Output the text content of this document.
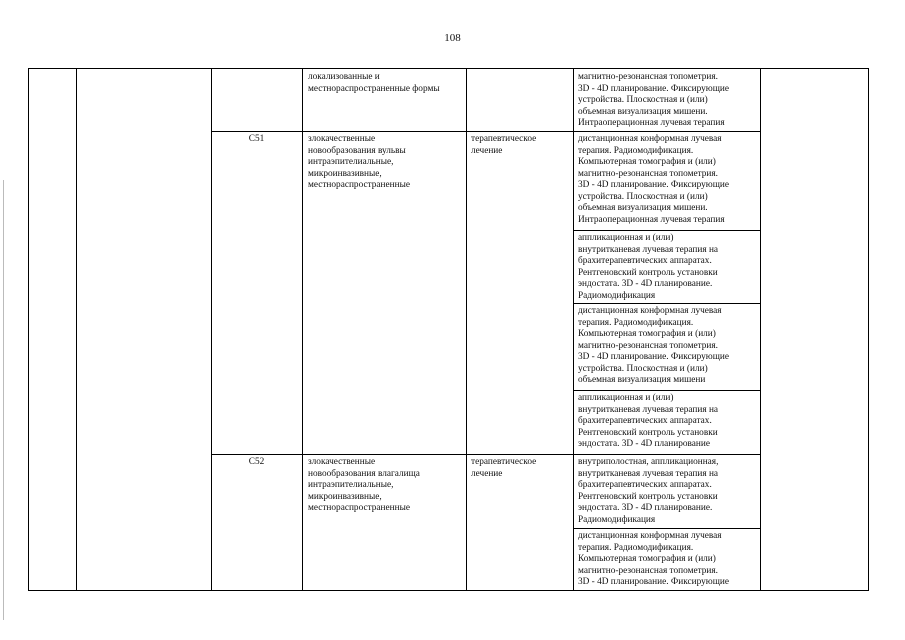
108
локализованные и
местнораспространенные формы
магнитно-резонансная топометрия.
3D - 4D планирование. Фиксирующие
устройства. Плоскостная и (или)
объемная визуализация мишени.
Интраоперационная лучевая терапия
C51	злокачественные
новообразования вульвы
интраэпителиальные,
микроинвазивные,
местнораспространенные
терапевтическое
лечение
дистанционная конформная лучевая
терапия. Радиомодификация.
Компьютерная томография и (или)
магнитно-резонансная топометрия.
3D - 4D планирование. Фиксирующие
устройства. Плоскостная и (или)
объемная визуализация мишени.
Интраоперационная лучевая терапия
аппликационная и (или)
внутритканевая лучевая терапия на
брахитерапевтических аппаратах.
Рентгеновский контроль установки
эндостата. 3D - 4D планирование.
Радиомодификация
дистанционная конформная лучевая
терапия. Радиомодификация.
Компьютерная томография и (или)
магнитно-резонансная топометрия.
3D - 4D планирование. Фиксирующие
устройства. Плоскостная и (или)
объемная визуализация мишени
аппликационная и (или)
внутритканевая лучевая терапия на
брахитерапевтических аппаратах.
Рентгеновский контроль установки
эндостата. 3D - 4D планирование
C52	злокачественные
новообразования влагалища
интраэпителиальные,
микроинвазивные,
местнораспространенные
терапевтическое
лечение
внутриполостная, аппликационная,
внутритканевая лучевая терапия на
брахитерапевтических аппаратах.
Рентгеновский контроль установки
эндостата. 3D - 4D планирование.
Радиомодификация
дистанционная конформная лучевая
терапия. Радиомодификация.
Компьютерная томография и (или)
магнитно-резонансная топометрия.
3D - 4D планирование. Фиксирующие
